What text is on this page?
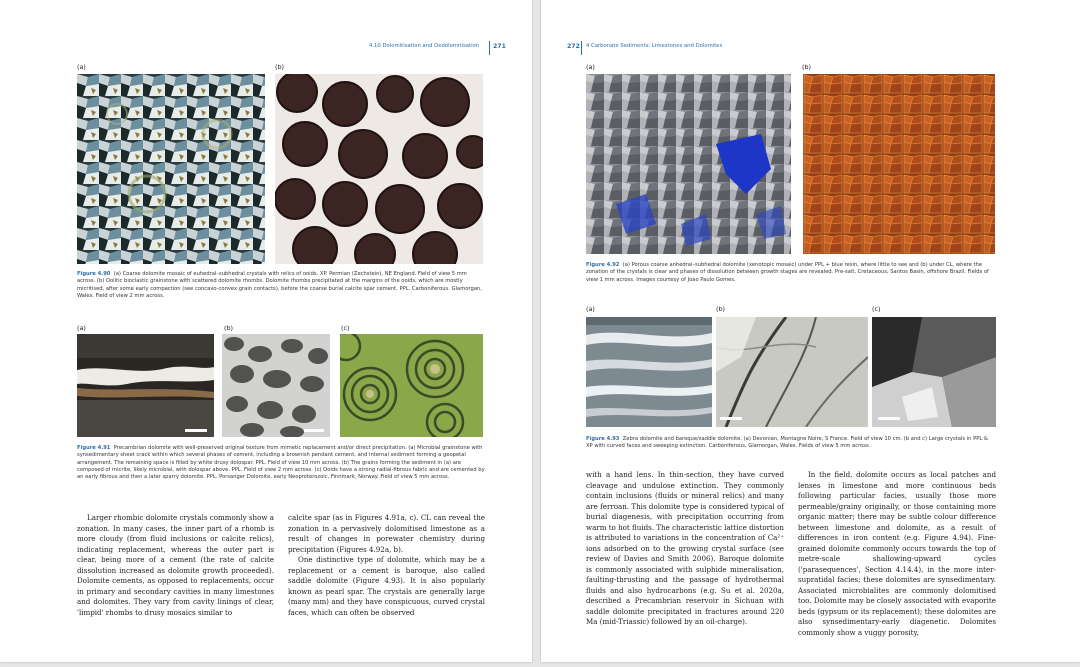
4.10 Dolomitisation and Dedolomitisation 271
(a)	(b)
Figure 4.90 (a) Coarse dolomite mosaic of euhedral–subhedral crystals with relics of ooids. XP. Permian (Zechstein), NE England. Field of view 5 mm across. (b) Oolitic bioclastic grainstone with scattered dolomite rhombs. Dolomite rhombs precipitated at the margins of the ooids, which are mostly micritised, after some early compaction (see concavo-convex grain contacts), before the coarse burial calcite spar cement. PPL. Carboniferous. Glamorgan, Wales. Field of view 2 mm across.
(a)	(b)	(c)
Figure 4.91 Precambrian dolomite with well-preserved original texture from mimetic replacement and/or direct precipitation. (a) Microbial grainstone with synsedimentary sheet crack within which several phases of cement, including a brownish pendant cement, and internal sediment forming a geopetal arrangement. The remaining space is filled by white drusy dolospar. PPL. Field of view 10 mm across. (b) The grains forming the sediment in (a) are composed of micrite, likely microbial, with dolospar above. PPL. Field of view 2 mm across. (c) Ooids have a strong radial-fibrous fabric and are cemented by an early fibrous and then a later sparry dolomite. PPL. Porsanger Dolomite, early Neoproterozoic, Finnmark, Norway. Field of view 5 mm across.

Larger rhombic dolomite crystals commonly show a zonation. In many cases, the inner part of a rhomb is more cloudy (from fluid inclusions or calcite relics), indicating replacement, whereas the outer part is clear, being more of a cement (the rate of calcite dissolution increased as dolomite growth proceeded). Dolomite cements, as opposed to replacements, occur in primary and secondary cavities in many limestones and dolomites. They vary from cavity linings of clear, 'limpid' rhombs to drusy mosaics similar to

calcite spar (as in Figures 4.91a, c). CL can reveal the zonation in a pervasively dolomitised limestone as a result of changes in porewater chemistry during precipitation (Figures 4.92a, b).

One distinctive type of dolomite, which may be a replacement or a cement is baroque, also called saddle dolomite (Figure 4.93). It is also popularly known as pearl spar. The crystals are generally large (many mm) and they have conspicuous, curved crystal faces, which can often be observed

272 4 Carbonate Sediments: Limestones and Dolomites
(a)	(b)
Figure 4.92 (a) Porous coarse anhedral–subhedral dolomite (xenotopic mosaic) under PPL + blue resin, where little to see and (b) under CL, where the zonation of the crystals is clear and phases of dissolution between growth stages are revealed. Pre-salt, Cretaceous, Santos Basin, offshore Brazil. Fields of view 1 mm across. Images courtesy of Joao Paulo Gomes.
(a)	(b)	(c)
Figure 4.93 Zebra dolomite and baroque/saddle dolomite. (a) Devonian, Montagne Noire, S France. Field of view 10 cm. (b and c) Large crystals in PPL & XP with curved faces and sweeping extinction. Carboniferous, Glamorgan, Wales. Fields of view 5 mm across.

with a hand lens. In thin-section, they have curved cleavage and undulose extinction. They commonly contain inclusions (fluids or mineral relics) and many are ferroan. This dolomite type is considered typical of burial diagenesis, with precipitation occurring from warm to hot fluids. The characteristic lattice distortion is attributed to variations in the concentration of Ca²⁺ ions adsorbed on to the growing crystal surface (see review of Davies and Smith 2006). Baroque dolomite is commonly associated with sulphide mineralisation, faulting-thrusting and the passage of hydrothermal fluids and also hydrocarbons (e.g. Su et al. 2020a, described a Precambrian reservoir in Sichuan with saddle dolomite precipitated in fractures around 220 Ma (mid-Triassic) followed by an oil-charge).

In the field, dolomite occurs as local patches and lenses in limestone and more continuous beds following particular facies, usually those more permeable/grainy originally, or those containing more organic matter; there may be subtle colour difference between limestone and dolomite, as a result of differences in iron content (e.g. Figure 4.94). Fine-grained dolomite commonly occurs towards the top of metre-scale shallowing-upward cycles ('parasequences', Section 4.14.4), in the more inter-supratidal facies; these dolomites are synsedimentary. Associated microbialites are commonly dolomitised too. Dolomite may be closely associated with evaporite beds (gypsum or its replacement); these dolomites are also synsedimentary-early diagenetic. Dolomites commonly show a vuggy porosity,
